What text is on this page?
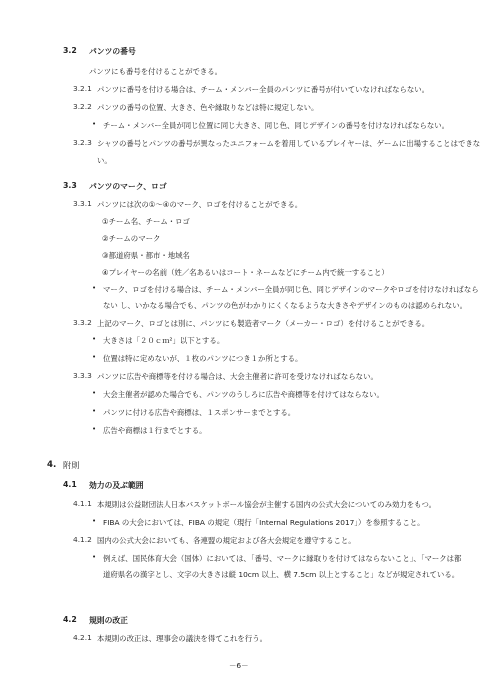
3.2 パンツの番号
パンツにも番号を付けることができる。
3.2.1 パンツに番号を付ける場合は、チーム・メンバー全員のパンツに番号が付いていなければならない。
3.2.2 パンツの番号の位置、大きさ、色や縁取りなどは特に規定しない。
• チーム・メンバー全員が同じ位置に同じ大きさ、同じ色、同じデザインの番号を付けなければならない。
3.2.3 シャツの番号とパンツの番号が異なったユニフォームを着用しているプレイヤーは、ゲームに出場することはできな
い。
3.3 パンツのマーク、ロゴ
3.3.1 パンツには次の①～④のマーク、ロゴを付けることができる。
①チーム名、チーム・ロゴ
②チームのマーク
③都道府県・都市・地域名
④プレイヤーの名前（姓／名あるいはコート・ネームなどにチーム内で統一すること）
• マーク、ロゴを付ける場合は、チーム・メンバー全員が同じ色、同じデザインのマークやロゴを付けなければなら
ない し、いかなる場合でも、パンツの色がわかりにくくなるような大きさやデザインのものは認められない。
3.3.2 上記のマーク、ロゴとは別に、パンツにも製造者マーク（メーカー・ロゴ）を付けることができる。
• 大きさは「２０ｃｍ²」以下とする。
• 位置は特に定めないが、１枚のパンツにつき１か所とする。
3.3.3 パンツに広告や商標等を付ける場合は、大会主催者に許可を受けなければならない。
• 大会主催者が認めた場合でも、パンツのうしろに広告や商標等を付けてはならない。
• パンツに付ける広告や商標は、１スポンサーまでとする。
• 広告や商標は１行までとする。
4. 附則
4.1 効力の及ぶ範囲
4.1.1 本規則は公益財団法人日本バスケットボール協会が主催する国内の公式大会についてのみ効力をもつ。
• FIBA の大会においては、FIBA の規定（現行「Internal Regulations 2017」）を参照すること。
4.1.2 国内の公式大会においても、各連盟の規定および各大会規定を遵守すること。
• 例えば、国民体育大会（国体）においては、「番号、マークに縁取りを付けてはならないこと」、「マークは都
道府県名の漢字とし、文字の大きさは縦 10cm 以上、横 7.5cm 以上とすること」などが規定されている。
4.2 規則の改正
4.2.1 本規則の改正は、理事会の議決を得てこれを行う。
－6－
